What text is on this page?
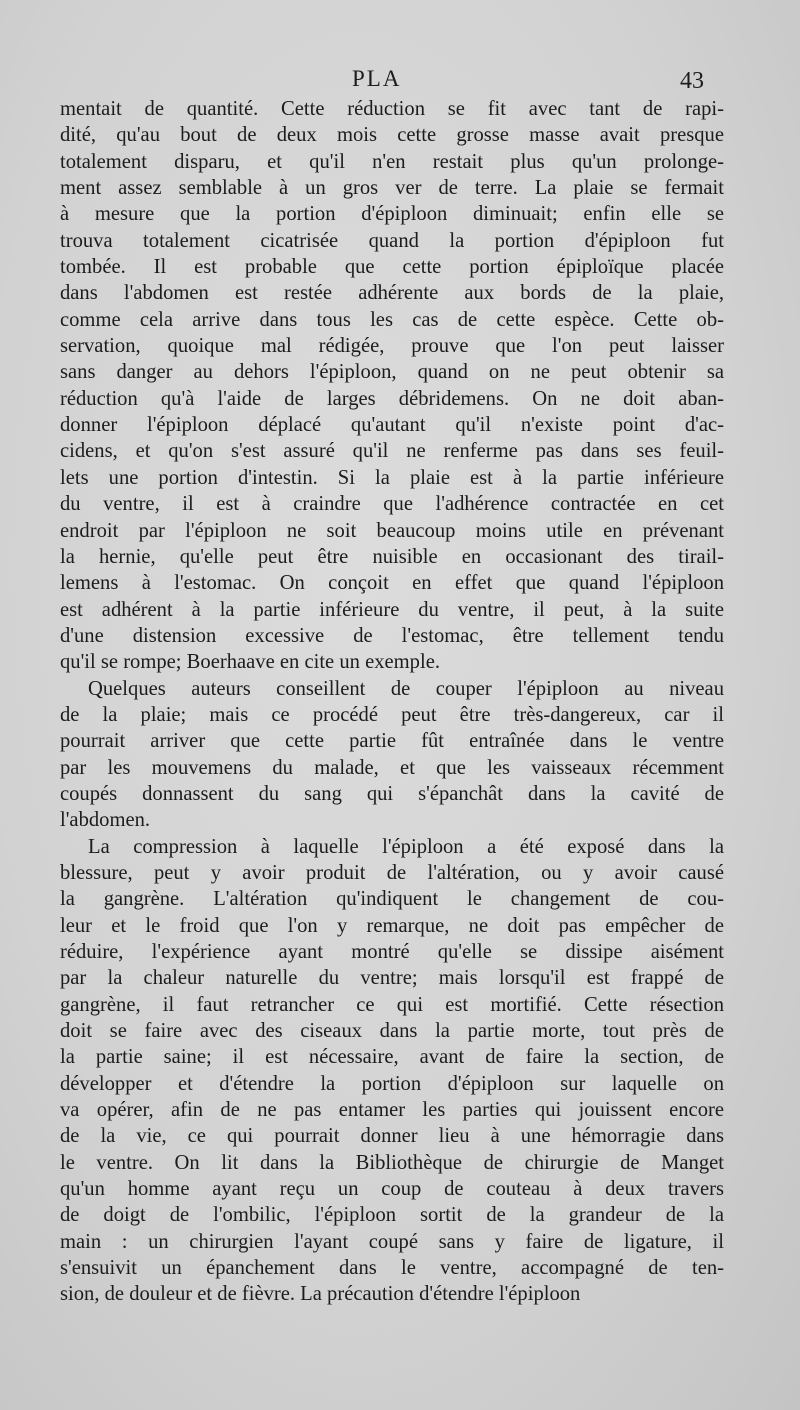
PLA	43
mentait de quantité. Cette réduction se fit avec tant de rapi-
dité, qu'au bout de deux mois cette grosse masse avait presque
totalement disparu, et qu'il n'en restait plus qu'un prolonge-
ment assez semblable à un gros ver de terre. La plaie se fermait
à mesure que la portion d'épiploon diminuait; enfin elle se
trouva totalement cicatrisée quand la portion d'épiploon fut
tombée. Il est probable que cette portion épiploïque placée
dans l'abdomen est restée adhérente aux bords de la plaie,
comme cela arrive dans tous les cas de cette espèce. Cette ob-
servation, quoique mal rédigée, prouve que l'on peut laisser
sans danger au dehors l'épiploon, quand on ne peut obtenir sa
réduction qu'à l'aide de larges débridemens. On ne doit aban-
donner l'épiploon déplacé qu'autant qu'il n'existe point d'ac-
cidens, et qu'on s'est assuré qu'il ne renferme pas dans ses feuil-
lets une portion d'intestin. Si la plaie est à la partie inférieure
du ventre, il est à craindre que l'adhérence contractée en cet
endroit par l'épiploon ne soit beaucoup moins utile en prévenant
la hernie, qu'elle peut être nuisible en occasionant des tirail-
lemens à l'estomac. On conçoit en effet que quand l'épiploon
est adhérent à la partie inférieure du ventre, il peut, à la suite
d'une distension excessive de l'estomac, être tellement tendu
qu'il se rompe; Boerhaave en cite un exemple.
Quelques auteurs conseillent de couper l'épiploon au niveau
de la plaie; mais ce procédé peut être très-dangereux, car il
pourrait arriver que cette partie fût entraînée dans le ventre
par les mouvemens du malade, et que les vaisseaux récemment
coupés donnassent du sang qui s'épanchât dans la cavité de
l'abdomen.
La compression à laquelle l'épiploon a été exposé dans la
blessure, peut y avoir produit de l'altération, ou y avoir causé
la gangrène. L'altération qu'indiquent le changement de cou-
leur et le froid que l'on y remarque, ne doit pas empêcher de
réduire, l'expérience ayant montré qu'elle se dissipe aisément
par la chaleur naturelle du ventre; mais lorsqu'il est frappé de
gangrène, il faut retrancher ce qui est mortifié. Cette résection
doit se faire avec des ciseaux dans la partie morte, tout près de
la partie saine; il est nécessaire, avant de faire la section, de
développer et d'étendre la portion d'épiploon sur laquelle on
va opérer, afin de ne pas entamer les parties qui jouissent encore
de la vie, ce qui pourrait donner lieu à une hémorragie dans
le ventre. On lit dans la Bibliothèque de chirurgie de Manget
qu'un homme ayant reçu un coup de couteau à deux travers
de doigt de l'ombilic, l'épiploon sortit de la grandeur de la
main : un chirurgien l'ayant coupé sans y faire de ligature, il
s'ensuivit un épanchement dans le ventre, accompagné de ten-
sion, de douleur et de fièvre. La précaution d'étendre l'épiploon
